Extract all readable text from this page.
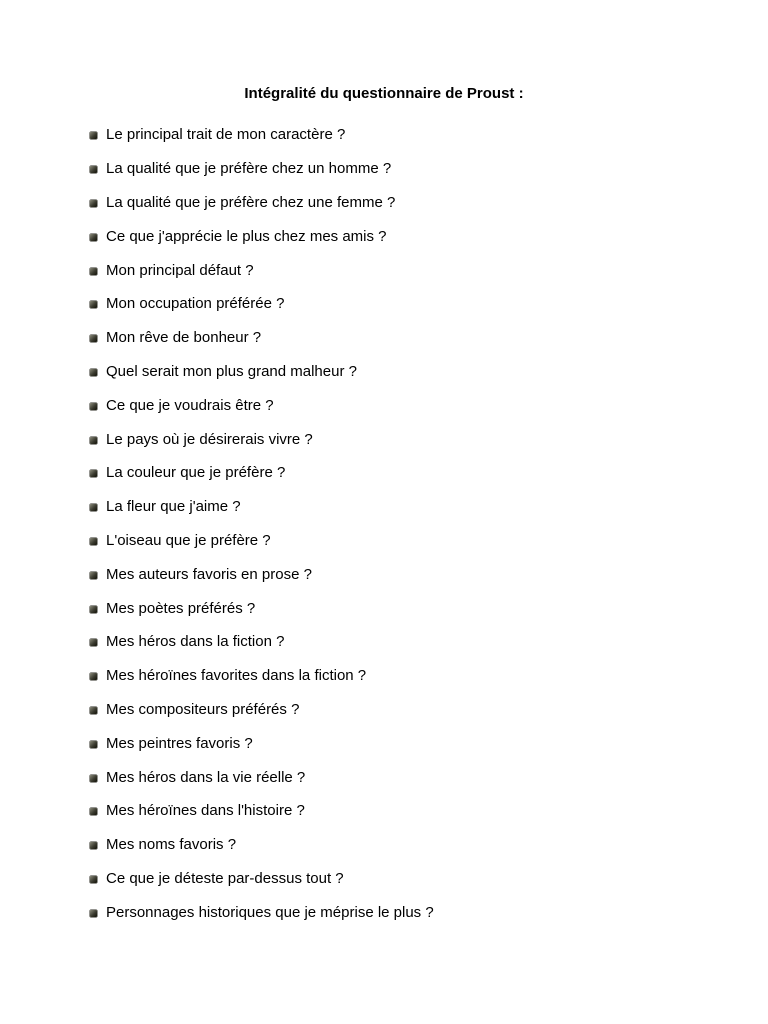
Intégralité du questionnaire de Proust :
Le principal trait de mon caractère ?
La qualité que je préfère chez un homme ?
La qualité que je préfère chez une femme ?
Ce que j'apprécie le plus chez mes amis ?
Mon principal défaut ?
Mon occupation préférée ?
Mon rêve de bonheur ?
Quel serait mon plus grand malheur ?
Ce que je voudrais être ?
Le pays où je désirerais vivre ?
La couleur que je préfère ?
La fleur que j'aime ?
L'oiseau que je préfère ?
Mes auteurs favoris en prose ?
Mes poètes préférés ?
Mes héros dans la fiction ?
Mes héroïnes favorites dans la fiction ?
Mes compositeurs préférés ?
Mes peintres favoris ?
Mes héros dans la vie réelle ?
Mes héroïnes dans l'histoire ?
Mes noms favoris ?
Ce que je déteste par-dessus tout ?
Personnages historiques que je méprise le plus ?
